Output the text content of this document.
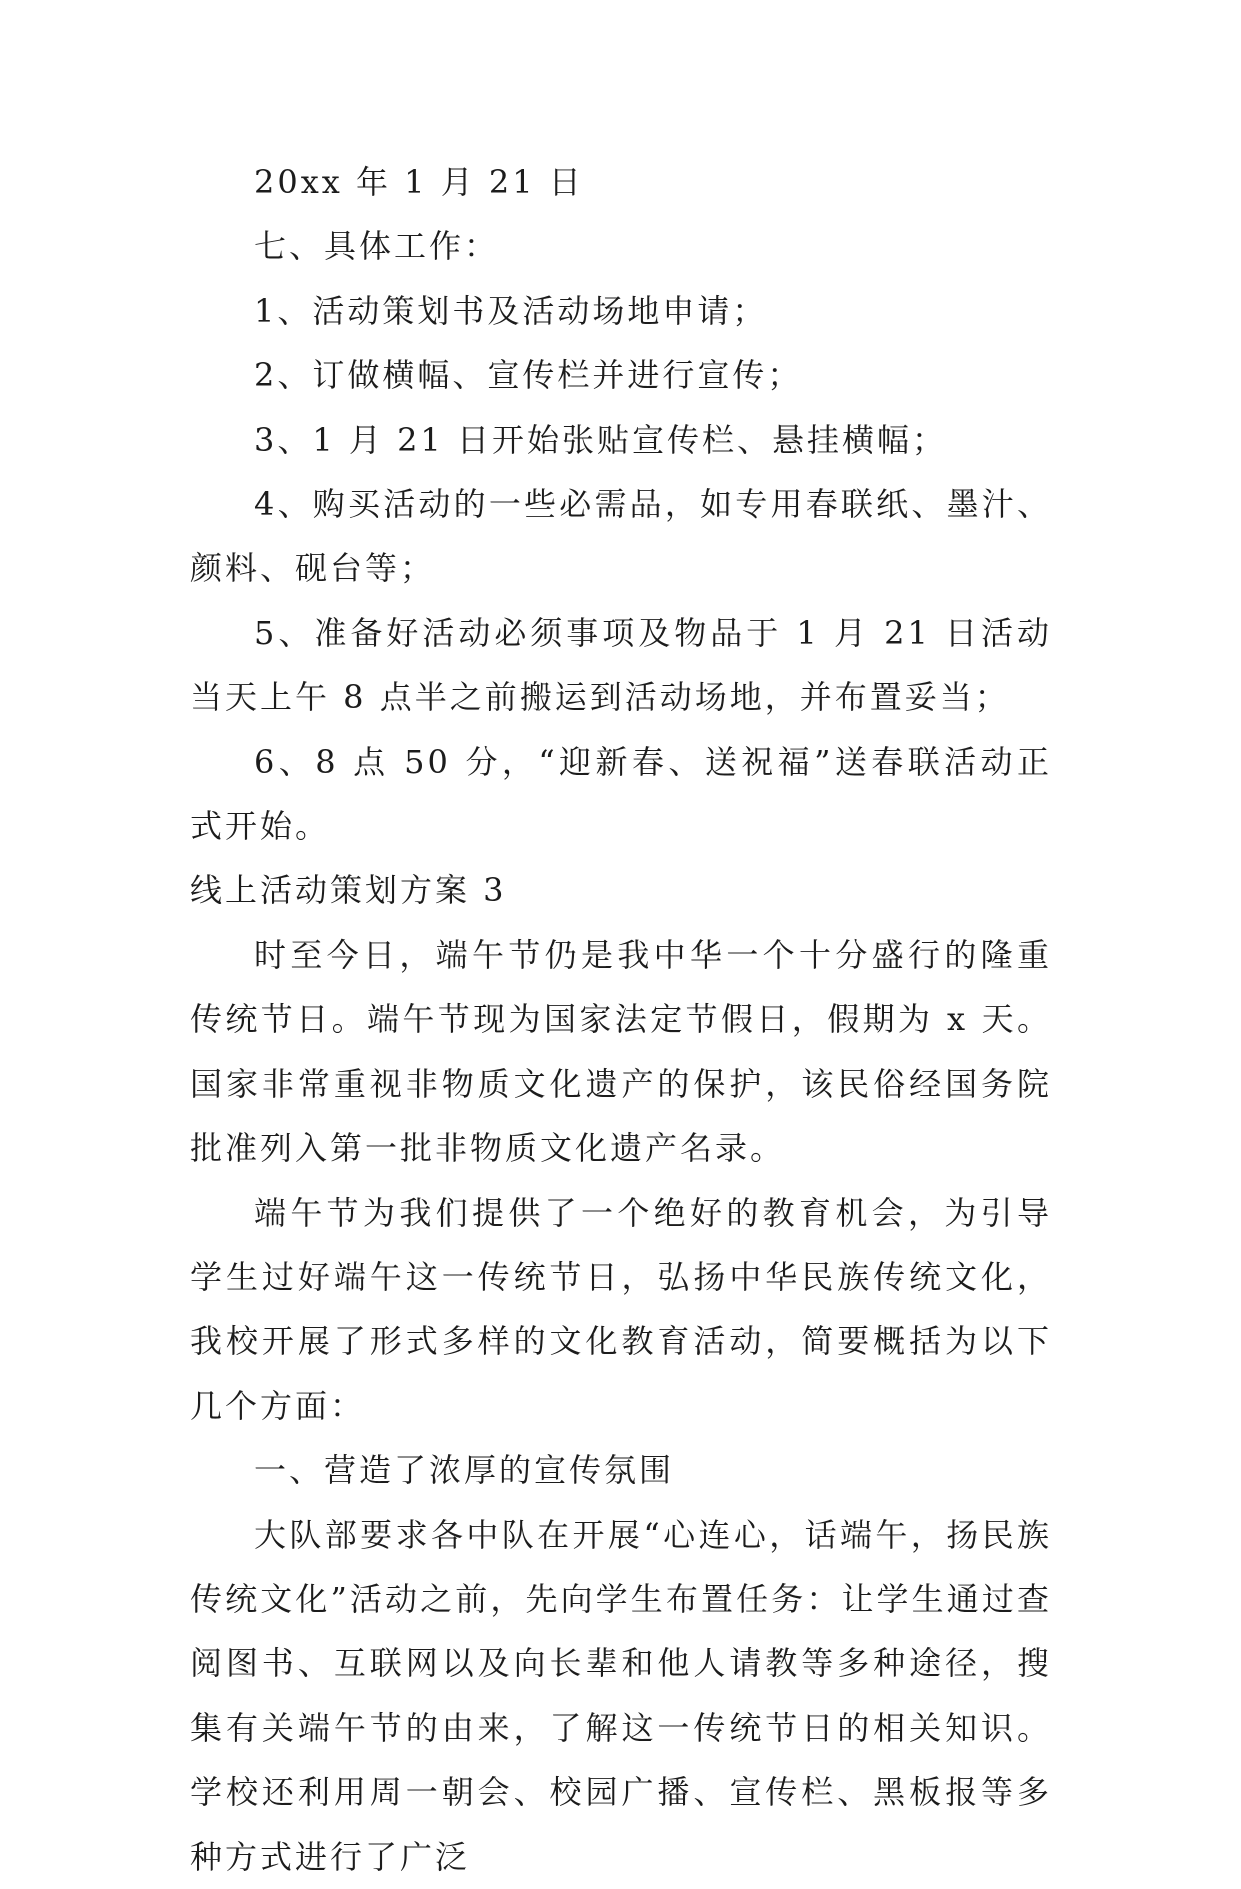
20xx 年 1 月 21 日

七、具体工作：

1、活动策划书及活动场地申请；

2、订做横幅、宣传栏并进行宣传；

3、1 月 21 日开始张贴宣传栏、悬挂横幅；

4、购买活动的一些必需品，如专用春联纸、墨汁、颜料、砚台等；

5、准备好活动必须事项及物品于 1 月 21 日活动当天上午 8 点半之前搬运到活动场地，并布置妥当；

6、8 点 50 分，“迎新春、送祝福”送春联活动正式开始。

线上活动策划方案 3

时至今日，端午节仍是我中华一个十分盛行的隆重传统节日。端午节现为国家法定节假日，假期为 x 天。国家非常重视非物质文化遗产的保护，该民俗经国务院批准列入第一批非物质文化遗产名录。

端午节为我们提供了一个绝好的教育机会，为引导学生过好端午这一传统节日，弘扬中华民族传统文化，我校开展了形式多样的文化教育活动，简要概括为以下几个方面：

一、营造了浓厚的宣传氛围

大队部要求各中队在开展“心连心，话端午，扬民族传统文化”活动之前，先向学生布置任务：让学生通过查阅图书、互联网以及向长辈和他人请教等多种途径，搜集有关端午节的由来，了解这一传统节日的相关知识。学校还利用周一朝会、校园广播、宣传栏、黑板报等多种方式进行了广泛
